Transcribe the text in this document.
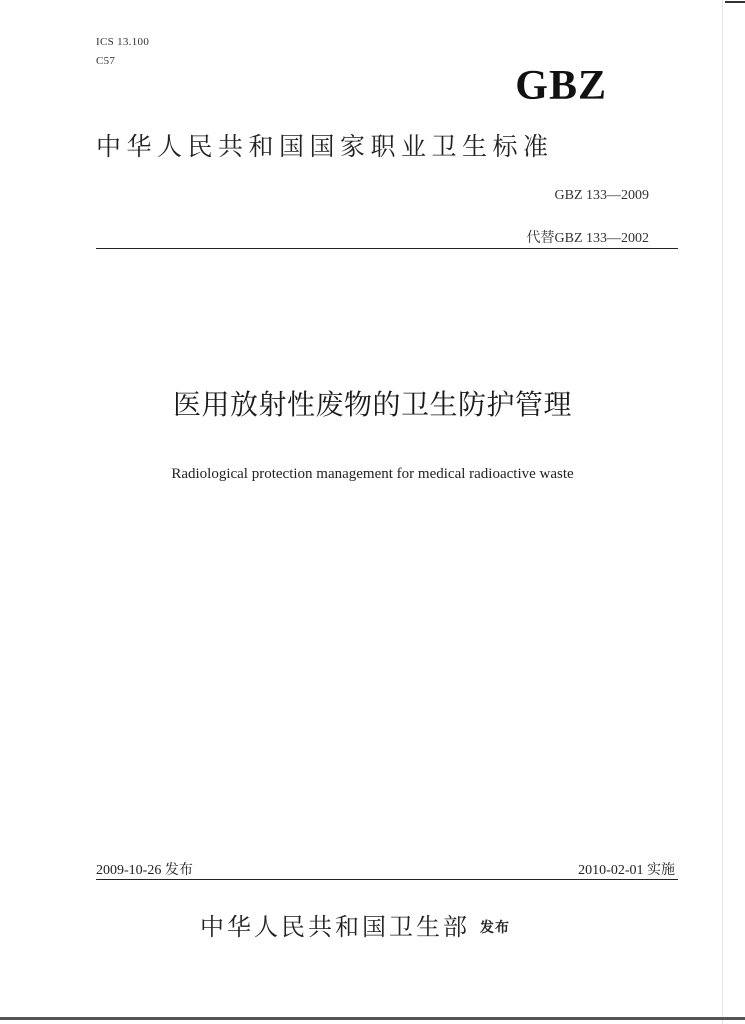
ICS 13.100
C57
GBZ
中华人民共和国国家职业卫生标准
GBZ 133—2009
代替GBZ 133—2002
医用放射性废物的卫生防护管理
Radiological protection management for medical radioactive waste
2009-10-26 发布	2010-02-01 实施
中华人民共和国卫生部 发布
